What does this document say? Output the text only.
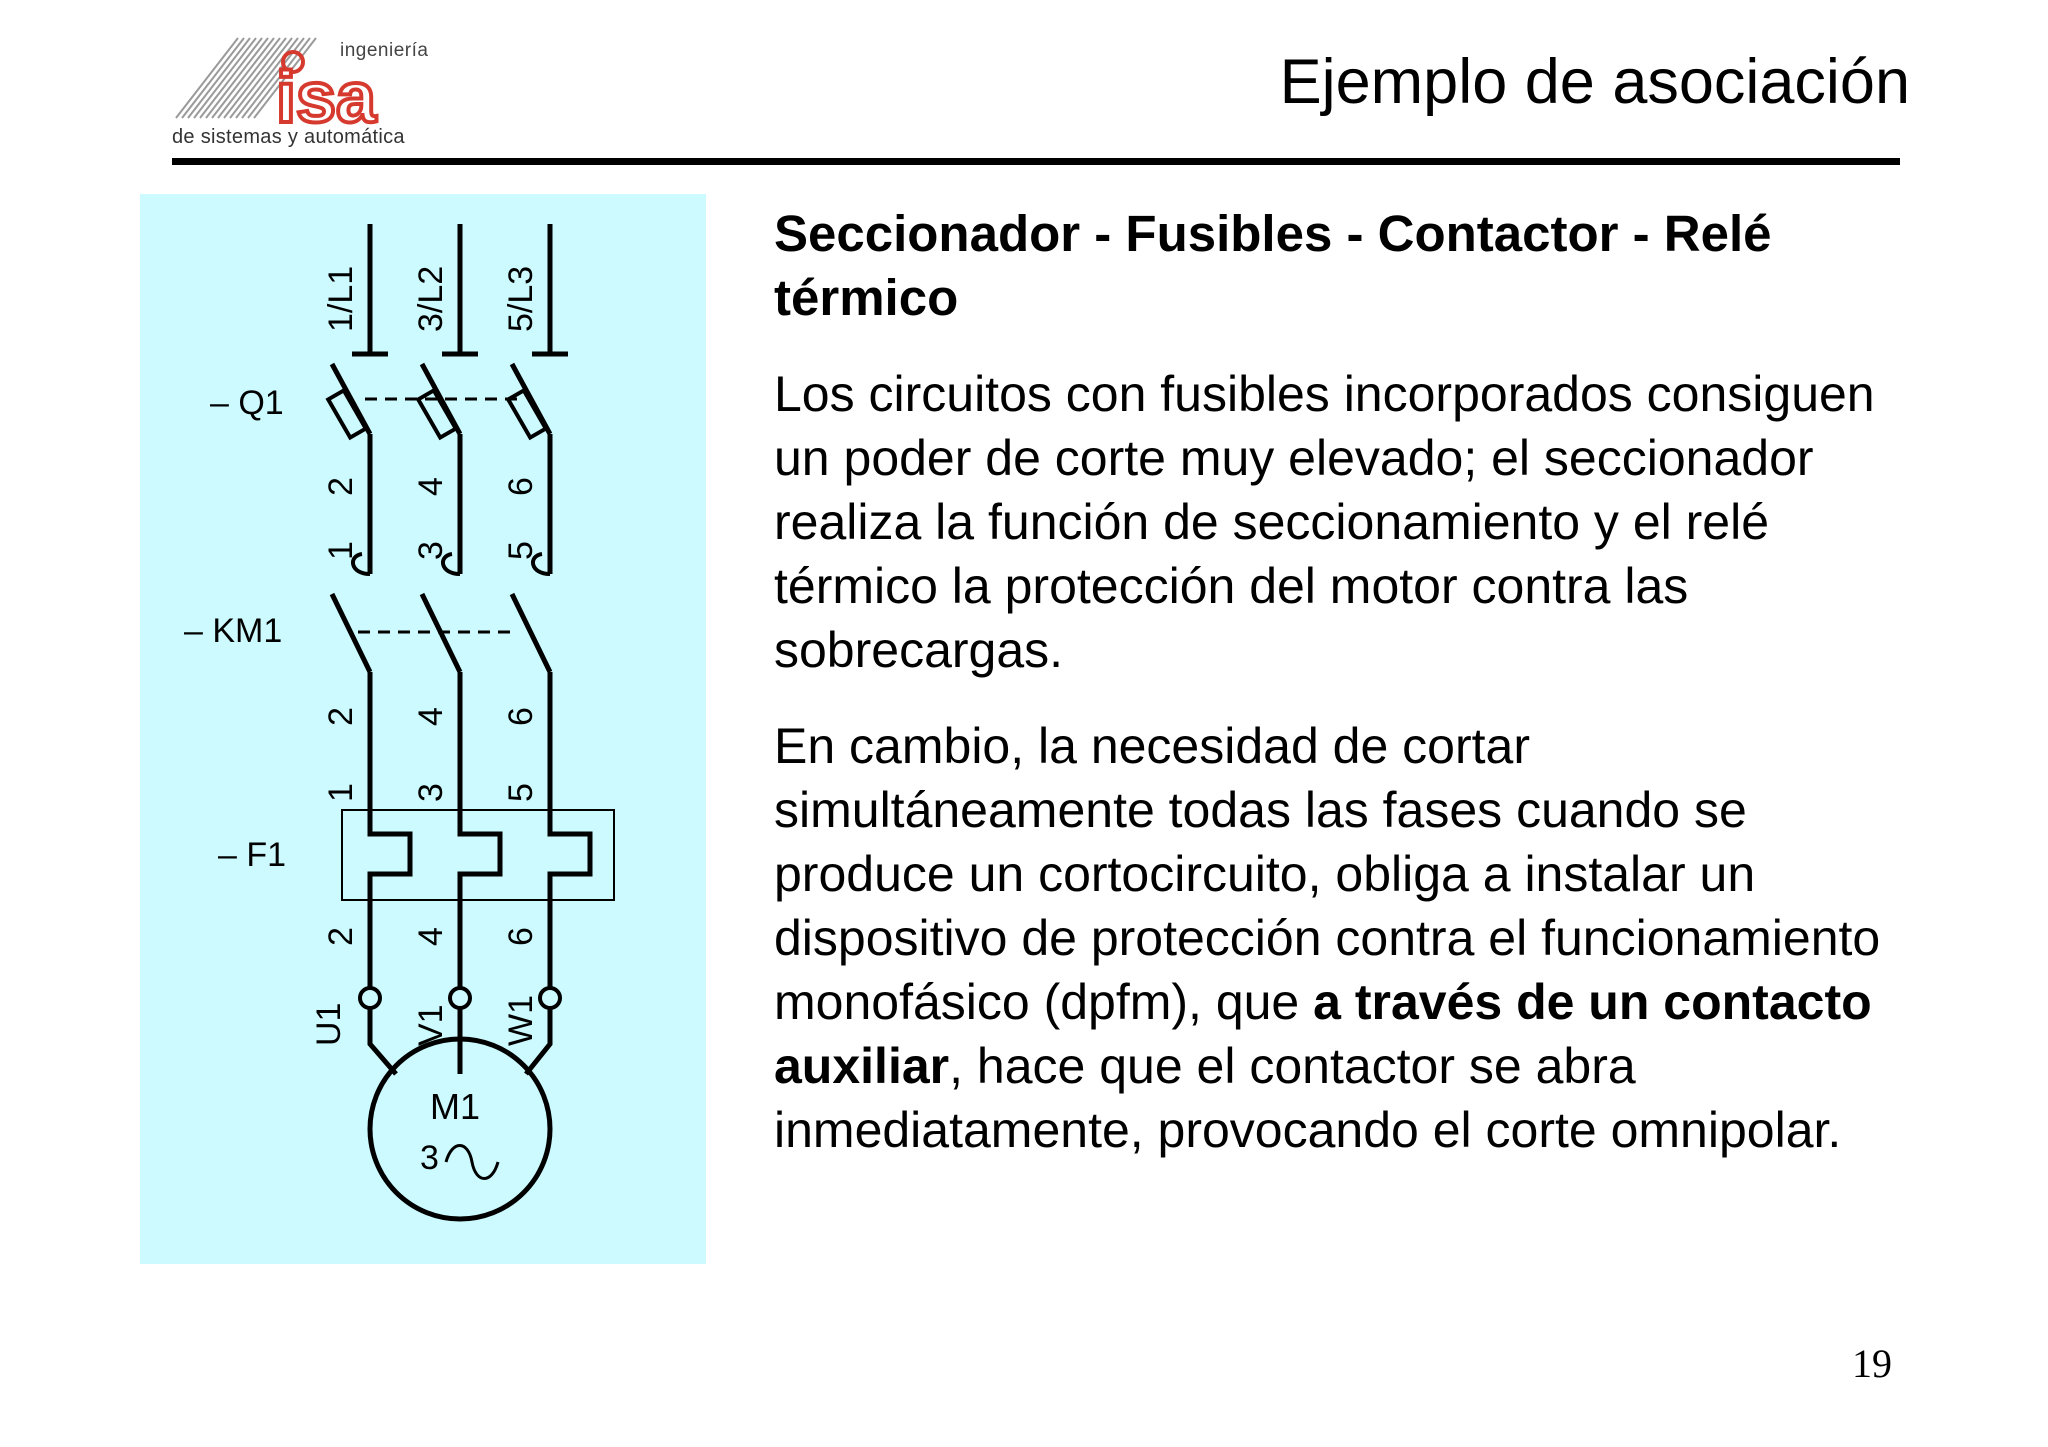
isa
ingeniería
de sistemas y automática
Ejemplo de asociación
– Q1
– KM1
– F1
M1
3
1/L1 3/L2 5/L3
1
2
3
4
5
6
2 4 6
1 3 5
2 4 6
U1 V1 W1

Seccionador - Fusibles - Contactor - Relé térmico

Los circuitos con fusibles incorporados consiguen un poder de corte muy elevado; el seccionador realiza la función de seccionamiento y el relé térmico la protección del motor contra las sobrecargas.

En cambio, la necesidad de cortar simultáneamente todas las fases cuando se produce un cortocircuito, obliga a instalar un dispositivo de protección contra el funcionamiento monofásico (dpfm), que a través de un contacto auxiliar, hace que el contactor se abra inmediatamente, provocando el corte omnipolar.

19
